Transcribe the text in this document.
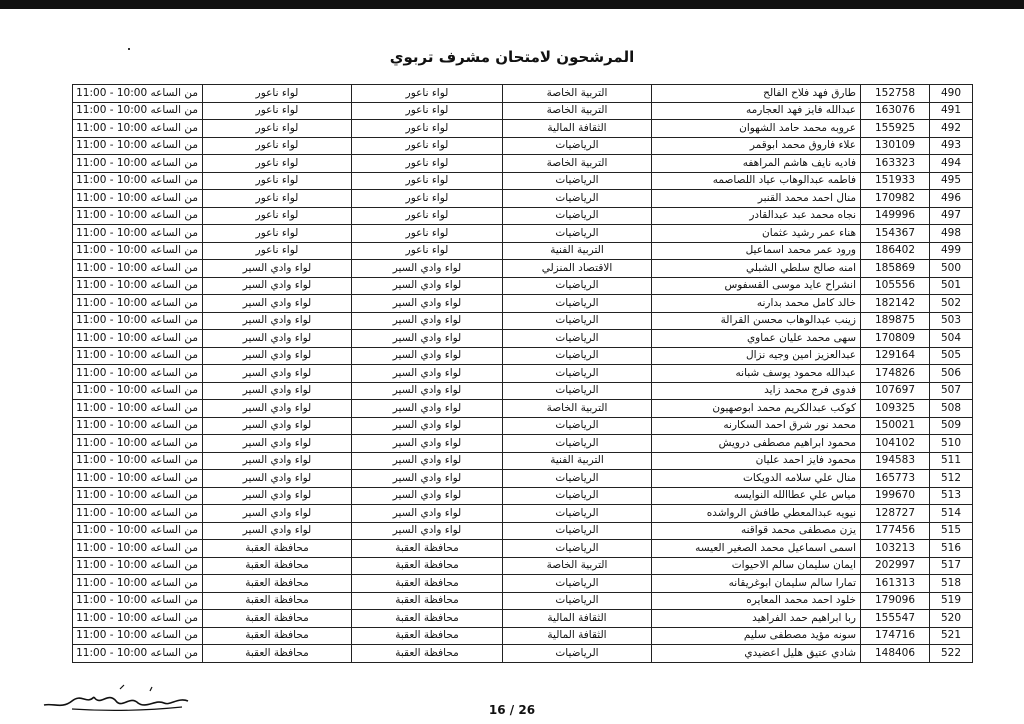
المرشحون لامتحان مشرف تربوي
490	152758	طارق فهد فلاح الفالح	التربية الخاصة	لواء ناعور	لواء ناعور	من الساعه 10:00 - 11:00
491	163076	عبدالله فايز فهد العجارمه	التربية الخاصة	لواء ناعور	لواء ناعور	من الساعه 10:00 - 11:00
492	155925	عروبه محمد حامد الشهوان	الثقافة المالية	لواء ناعور	لواء ناعور	من الساعه 10:00 - 11:00
493	130109	علاء فاروق محمد ابوقمر	الرياضيات	لواء ناعور	لواء ناعور	من الساعه 10:00 - 11:00
494	163323	فاديه نايف هاشم المراهفه	التربية الخاصة	لواء ناعور	لواء ناعور	من الساعه 10:00 - 11:00
495	151933	فاطمه عبدالوهاب عياد اللصاصمه	الرياضيات	لواء ناعور	لواء ناعور	من الساعه 10:00 - 11:00
496	170982	منال احمد محمد القنبر	الرياضيات	لواء ناعور	لواء ناعور	من الساعه 10:00 - 11:00
497	149996	نجاه محمد عبد عبدالقادر	الرياضيات	لواء ناعور	لواء ناعور	من الساعه 10:00 - 11:00
498	154367	هناء عمر رشيد عثمان	الرياضيات	لواء ناعور	لواء ناعور	من الساعه 10:00 - 11:00
499	186402	ورود عمر محمد اسماعيل	التربية الفنية	لواء ناعور	لواء ناعور	من الساعه 10:00 - 11:00
500	185869	امنه صالح سلطي الشبلي	الاقتصاد المنزلي	لواء وادي السير	لواء وادي السير	من الساعه 10:00 - 11:00
501	105556	انشراح عايد موسى القسفوس	الرياضيات	لواء وادي السير	لواء وادي السير	من الساعه 10:00 - 11:00
502	182142	خالد كامل محمد بدارنه	الرياضيات	لواء وادي السير	لواء وادي السير	من الساعه 10:00 - 11:00
503	189875	زينب عبدالوهاب محسن القرالة	الرياضيات	لواء وادي السير	لواء وادي السير	من الساعه 10:00 - 11:00
504	170809	سهى محمد عليان عماوي	الرياضيات	لواء وادي السير	لواء وادي السير	من الساعه 10:00 - 11:00
505	129164	عبدالعزيز امين وجيه نزال	الرياضيات	لواء وادي السير	لواء وادي السير	من الساعه 10:00 - 11:00
506	174826	عبدالله محمود يوسف شبانه	الرياضيات	لواء وادي السير	لواء وادي السير	من الساعه 10:00 - 11:00
507	107697	فدوى فرج محمد زايد	الرياضيات	لواء وادي السير	لواء وادي السير	من الساعه 10:00 - 11:00
508	109325	كوكب عبدالكريم محمد ابوصهيون	التربية الخاصة	لواء وادي السير	لواء وادي السير	من الساعه 10:00 - 11:00
509	150021	محمد نور شرق احمد السكارنه	الرياضيات	لواء وادي السير	لواء وادي السير	من الساعه 10:00 - 11:00
510	104102	محمود ابراهيم مصطفى درويش	الرياضيات	لواء وادي السير	لواء وادي السير	من الساعه 10:00 - 11:00
511	194583	محمود فايز احمد عليان	التربية الفنية	لواء وادي السير	لواء وادي السير	من الساعه 10:00 - 11:00
512	165773	منال علي سلامه الدويكات	الرياضيات	لواء وادي السير	لواء وادي السير	من الساعه 10:00 - 11:00
513	199670	مياس علي عطاالله النوايسه	الرياضيات	لواء وادي السير	لواء وادي السير	من الساعه 10:00 - 11:00
514	128727	نيويه عبدالمعطي طافش الرواشده	الرياضيات	لواء وادي السير	لواء وادي السير	من الساعه 10:00 - 11:00
515	177456	يزن مصطفى محمد قواقنه	الرياضيات	لواء وادي السير	لواء وادي السير	من الساعه 10:00 - 11:00
516	103213	اسمى اسماعيل محمد الصغير العيسه	الرياضيات	محافظة العقبة	محافظة العقبة	من الساعه 10:00 - 11:00
517	202997	ايمان سليمان سالم الاحيوات	التربية الخاصة	محافظة العقبة	محافظة العقبة	من الساعه 10:00 - 11:00
518	161313	تمارا سالم سليمان ابوغريقانه	الرياضيات	محافظة العقبة	محافظة العقبة	من الساعه 10:00 - 11:00
519	179096	خلود احمد محمد المعايره	الرياضيات	محافظة العقبة	محافظة العقبة	من الساعه 10:00 - 11:00
520	155547	ربا ابراهيم حمد الفراهيد	الثقافة المالية	محافظة العقبة	محافظة العقبة	من الساعه 10:00 - 11:00
521	174716	سونه مؤيد مصطفى سليم	الثقافة المالية	محافظة العقبة	محافظة العقبة	من الساعه 10:00 - 11:00
522	148406	شادي عتيق هليل اعضيدي	الرياضيات	محافظة العقبة	محافظة العقبة	من الساعه 10:00 - 11:00
16 / 26
